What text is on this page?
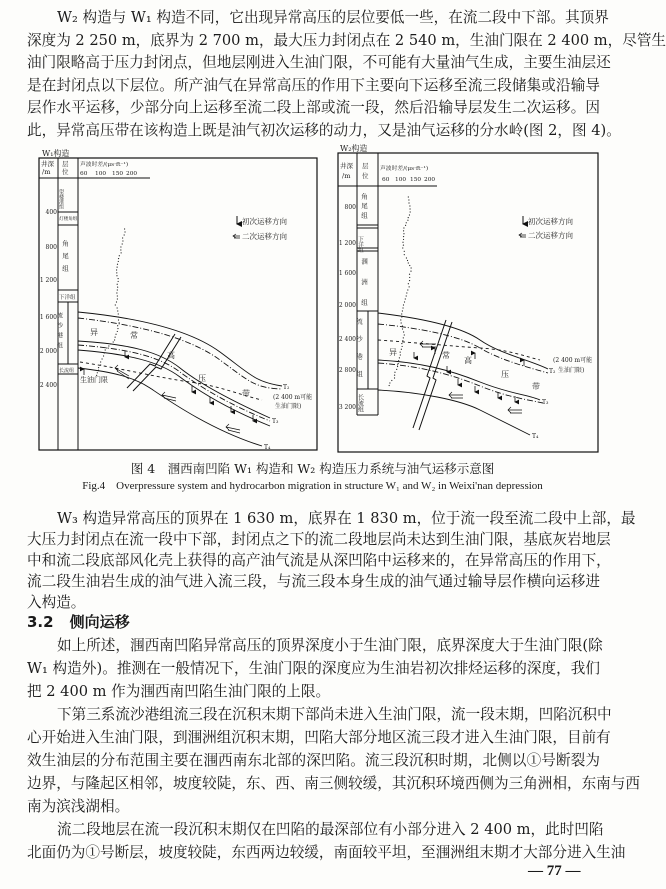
W₂ 构造与 W₁ 构造不同，它出现异常高压的层位要低一些，在流二段中下部。其顶界
深度为 2 250 m，底界为 2 700 m，最大压力封闭点在 2 540 m，生油门限在 2 400 m，尽管生
油门限略高于压力封闭点，但地层刚进入生油门限，不可能有大量油气生成，主要生油层还
是在封闭点以下层位。所产油气在异常高压的作用下主要向下运移至流三段储集或沿输导
层作水平运移，少部分向上运移至流二段上部或流一段，然后沿输导层发生二次运移。因
此，异常高压带在该构造上既是油气初次运移的动力，又是油气运移的分水岭(图 2，图 4)。
W₁构造
井深
/m
层
位
声波时差/(μs·ft⁻¹)
60 100 150 200
400
800
1 200
1 600
2 000
2 400
望楼港组
灯楼角组
角尾组
下洋组
流沙港组
长流组
异	常
高
压
带
生油门限
(2 400 m可能
生油门限)
T₂
T₃
T₄
初次运移方向
二次运移方向
W₂构造
井深
/m
层
位
声波时差/(μs·ft⁻¹)
60 100 150 200
800
1 200
1 600
2 000
2 400
2 800
3 200
角尾组
下洋组
涠洲组
流沙港组
长流组
异	常
高
压
带
(2 400 m可能
生油门限)
T₂
T₃
T₄
初次运移方向
二次运移方向
图 4　涠西南凹陷 W₁ 构造和 W₂ 构造压力系统与油气运移示意图
Fig.4　Overpressure system and hydrocarbon migration in structure W₁ and W₂ in Weixi'nan depression
W₃ 构造异常高压的顶界在 1 630 m，底界在 1 830 m，位于流一段至流二段中上部，最
大压力封闭点在流一段中下部，封闭点之下的流二段地层尚未达到生油门限，基底灰岩地层
中和流二段底部风化壳上获得的高产油气流是从深凹陷中运移来的，在异常高压的作用下，
流二段生油岩生成的油气进入流三段，与流三段本身生成的油气通过输导层作横向运移进
入构造。
3.2 侧向运移
如上所述，涠西南凹陷异常高压的顶界深度小于生油门限，底界深度大于生油门限(除
W₁ 构造外)。推测在一般情况下，生油门限的深度应为生油岩初次排烃运移的深度，我们
把 2 400 m 作为涠西南凹陷生油门限的上限。
下第三系流沙港组流三段在沉积末期下部尚未进入生油门限，流一段末期，凹陷沉积中
心开始进入生油门限，到涠洲组沉积末期，凹陷大部分地区流三段才进入生油门限，目前有
效生油层的分布范围主要在涠西南东北部的深凹陷。流三段沉积时期，北侧以①号断裂为
边界，与隆起区相邻，坡度较陡，东、西、南三侧较缓，其沉积环境西侧为三角洲相，东南与西
南为滨浅湖相。
流二段地层在流一段沉积末期仅在凹陷的最深部位有小部分进入 2 400 m，此时凹陷
北面仍为①号断层，坡度较陡，东西两边较缓，南面较平坦，至涠洲组末期才大部分进入生油
— 77 —
